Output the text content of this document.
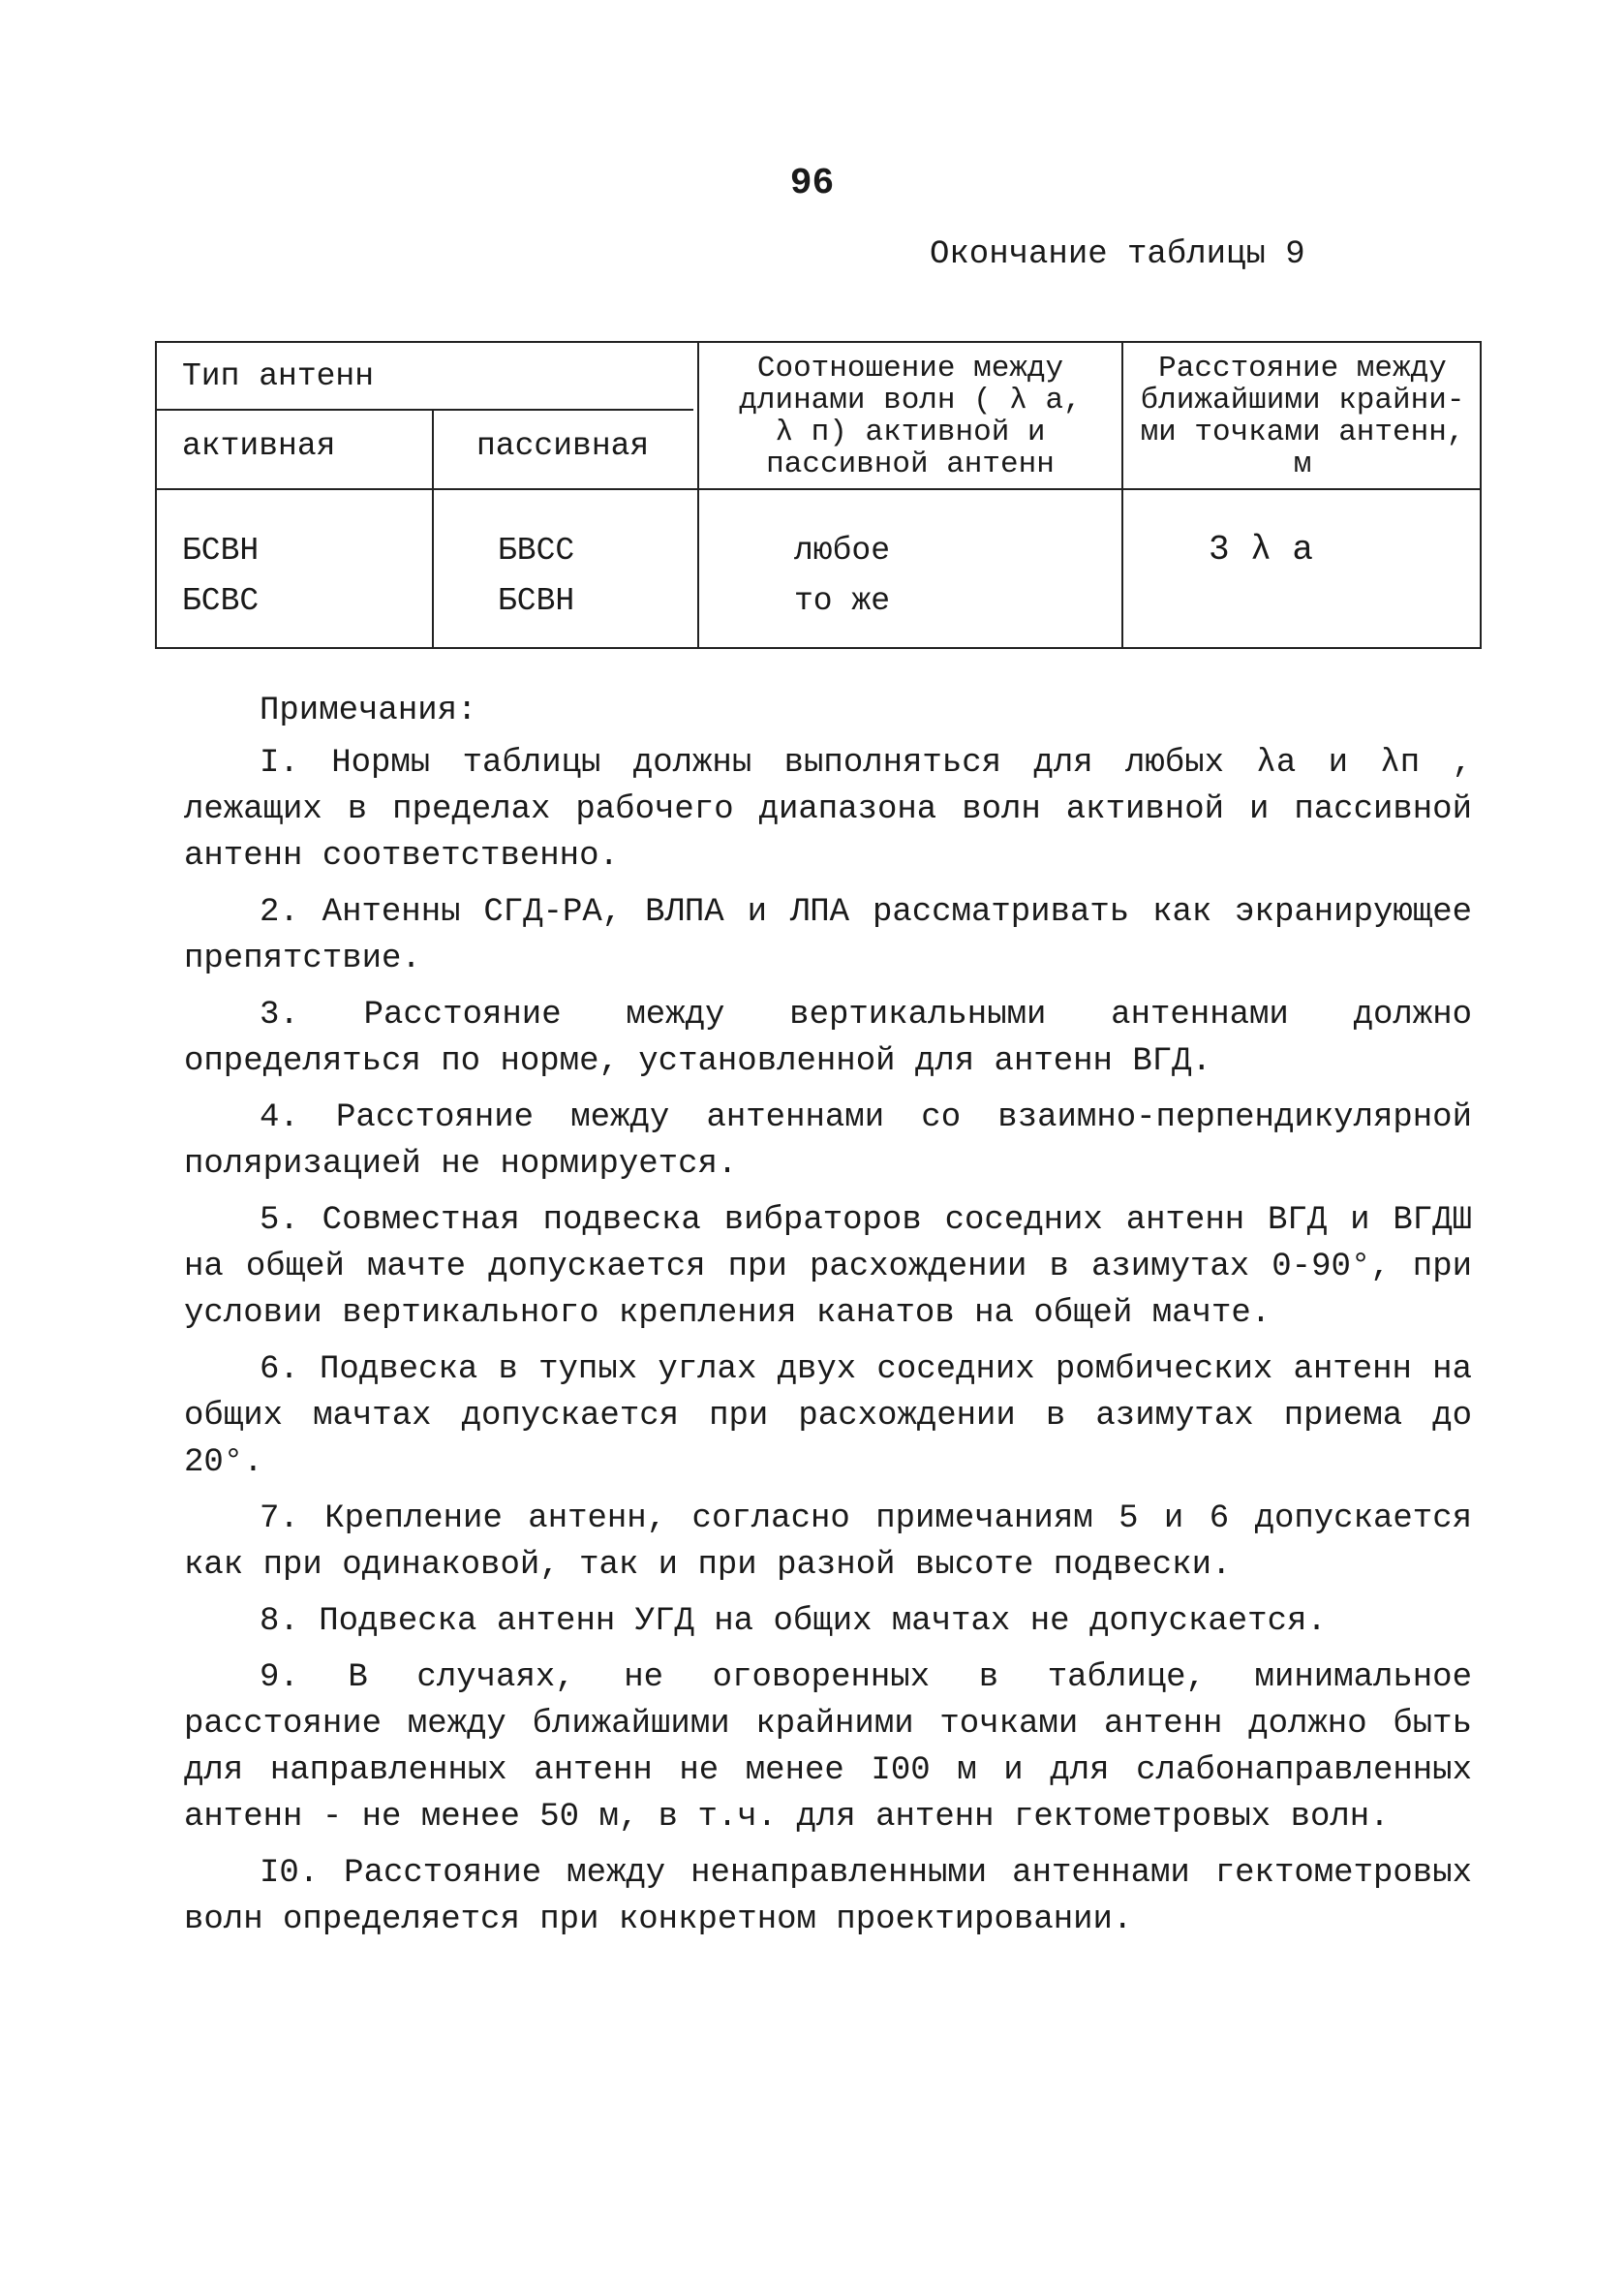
96
Окончание таблицы 9
Тип антенн
активная	пассивная
Соотношение между
длинами волн ( λ а,
λ п) активной и
пассивной антенн
Расстояние между
ближайшими крайни-
ми точками антенн,
м
БСВН	БВСС	любое	3 λ а
БСВС	БСВН	то же
Примечания:

I. Нормы таблицы должны выполняться для любых λа и λп , лежащих в пределах рабочего диапазона волн активной и пассивной антенн соответственно.

2. Антенны СГД-РА, ВЛПА и ЛПА рассматривать как экранирующее препятствие.

3. Расстояние между вертикальными антеннами должно определяться по норме, установленной для антенн ВГД.

4. Расстояние между антеннами со взаимно-перпендикулярной поляризацией не нормируется.

5. Совместная подвеска вибраторов соседних антенн ВГД и ВГДШ на общей мачте допускается при расхождении в азимутах 0-90°, при условии вертикального крепления канатов на общей мачте.

6. Подвеска в тупых углах двух соседних ромбических антенн на общих мачтах допускается при расхождении в азимутах приема до 20°.

7. Крепление антенн, согласно примечаниям 5 и 6 допускается как при одинаковой, так и при разной высоте подвески.

8. Подвеска антенн УГД на общих мачтах не допускается.

9. В случаях, не оговоренных в таблице, минимальное расстояние между ближайшими крайними точками антенн должно быть для направленных антенн не менее I00 м и для слабонаправленных антенн - не менее 50 м, в т.ч. для антенн гектометровых волн.

I0. Расстояние между ненаправленными антеннами гектометровых волн определяется при конкретном проектировании.
